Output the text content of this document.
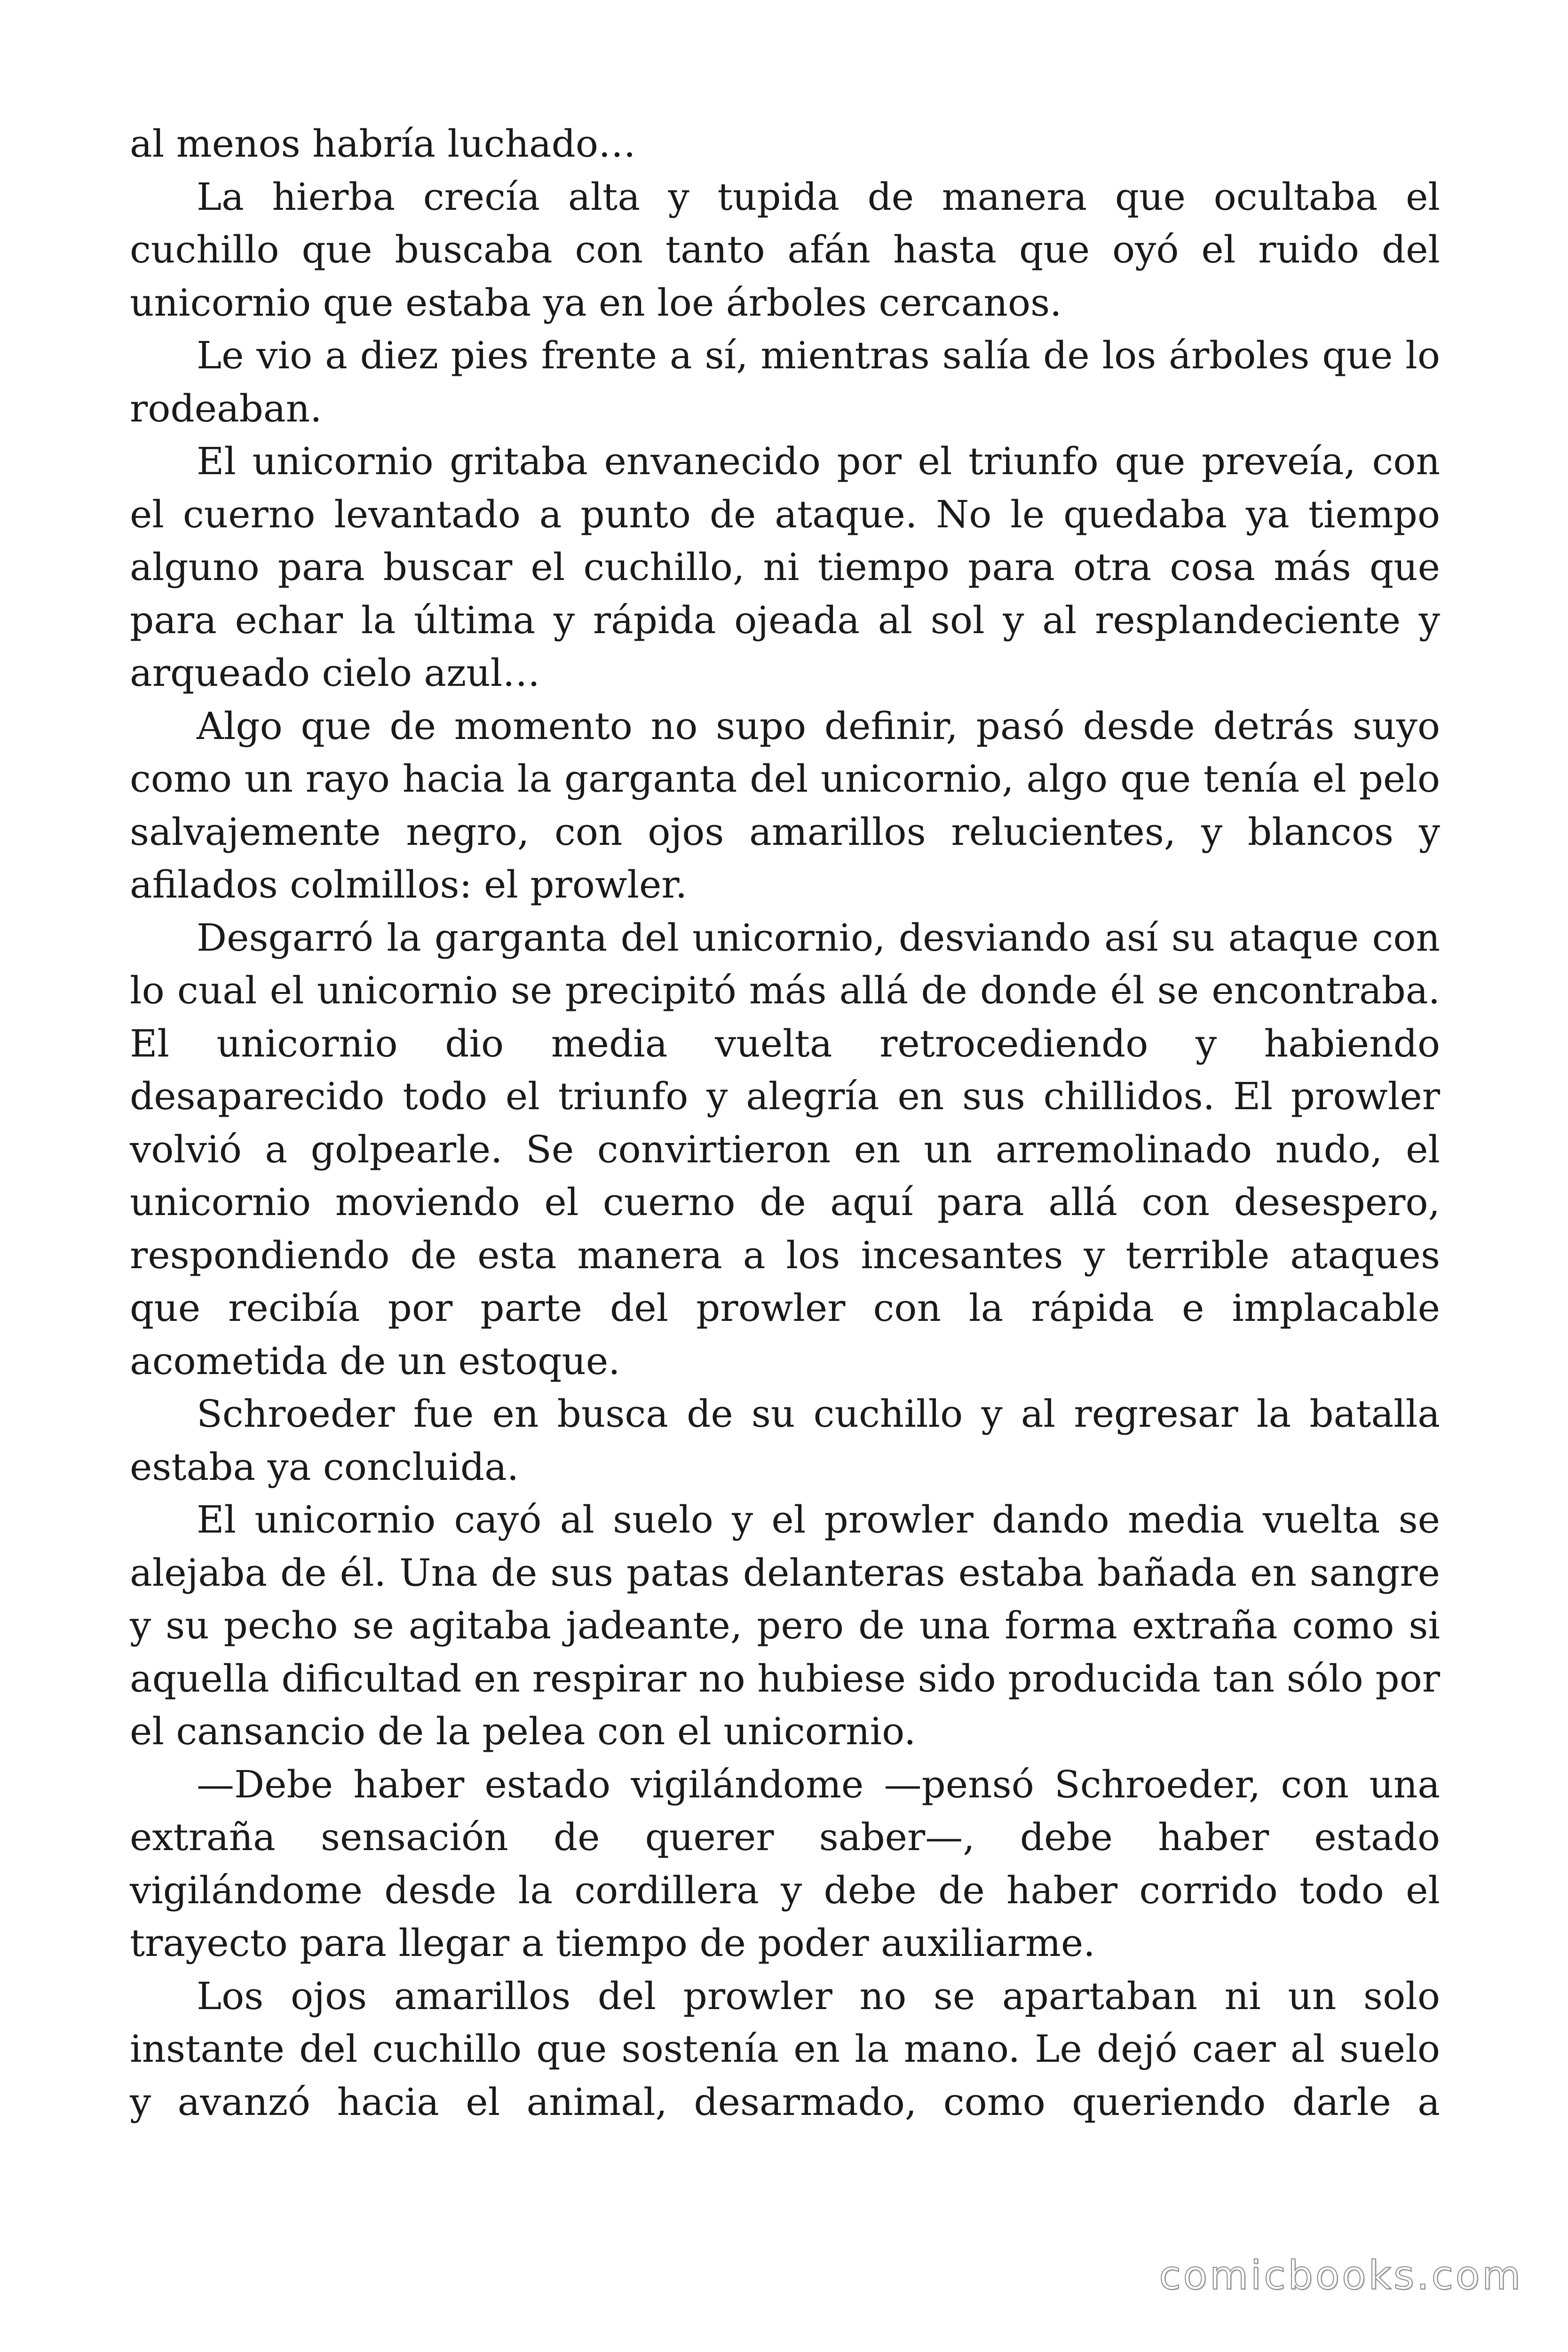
al menos habría luchado…

La hierba crecía alta y tupida de manera que ocultaba el cuchillo que buscaba con tanto afán hasta que oyó el ruido del unicornio que estaba ya en loe árboles cercanos.

Le vio a diez pies frente a sí, mientras salía de los árboles que lo rodeaban.

El unicornio gritaba envanecido por el triunfo que preveía, con el cuerno levantado a punto de ataque. No le quedaba ya tiempo alguno para buscar el cuchillo, ni tiempo para otra cosa más que para echar la última y rápida ojeada al sol y al resplandeciente y arqueado cielo azul…

Algo que de momento no supo definir, pasó desde detrás suyo como un rayo hacia la garganta del unicornio, algo que tenía el pelo salvajemente negro, con ojos amarillos relucientes, y blancos y afilados colmillos: el prowler.

Desgarró la garganta del unicornio, desviando así su ataque con lo cual el unicornio se precipitó más allá de donde él se encontraba. El unicornio dio media vuelta retrocediendo y habiendo desaparecido todo el triunfo y alegría en sus chillidos. El prowler volvió a golpearle. Se convirtieron en un arremolinado nudo, el unicornio moviendo el cuerno de aquí para allá con desespero, respondiendo de esta manera a los incesantes y terrible ataques que recibía por parte del prowler con la rápida e implacable acometida de un estoque.

Schroeder fue en busca de su cuchillo y al regresar la batalla estaba ya concluida.

El unicornio cayó al suelo y el prowler dando media vuelta se alejaba de él. Una de sus patas delanteras estaba bañada en sangre y su pecho se agitaba jadeante, pero de una forma extraña como si aquella dificultad en respirar no hubiese sido producida tan sólo por el cansancio de la pelea con el unicornio.

—Debe haber estado vigilándome —pensó Schroeder, con una extraña sensación de querer saber—, debe haber estado vigilándome desde la cordillera y debe de haber corrido todo el trayecto para llegar a tiempo de poder auxiliarme.

Los ojos amarillos del prowler no se apartaban ni un solo instante del cuchillo que sostenía en la mano. Le dejó caer al suelo y avanzó hacia el animal, desarmado, como queriendo darle a

comicbooks.com
